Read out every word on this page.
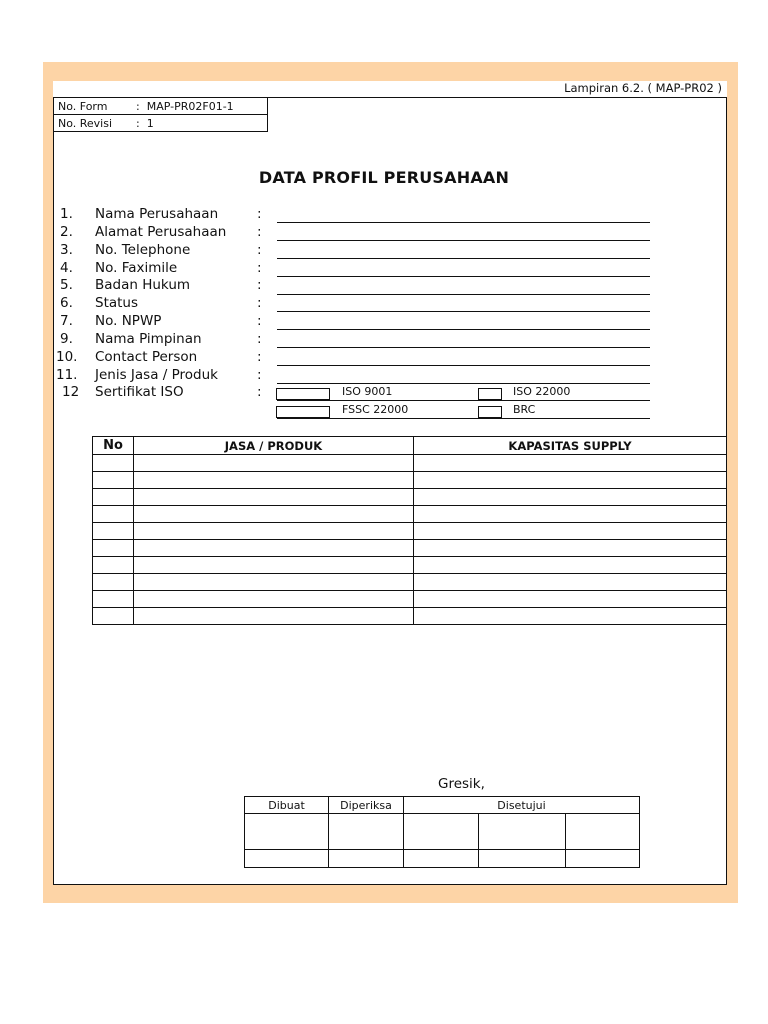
Lampiran 6.2. ( MAP-PR02 )
No. Form	: MAP-PR02F01-1
No. Revisi : 1
DATA PROFIL PERUSAHAAN
1. Nama Perusahaan	:
2. Alamat Perusahaan :
3. No. Telephone	:
4. No. Faximile	:
5. Badan Hukum	:
6. Status	:
7. No. NPWP	:
9. Nama Pimpinan	:
10. Contact Person	:
11. Jenis Jasa / Produk	:
12 Sertifikat ISO	:	ISO 9001	ISO 22000
FSSC 22000	BRC
No	JASA / PRODUK	KAPASITAS SUPPLY

Gresik,
Dibuat	Diperiksa	Disetujui		
